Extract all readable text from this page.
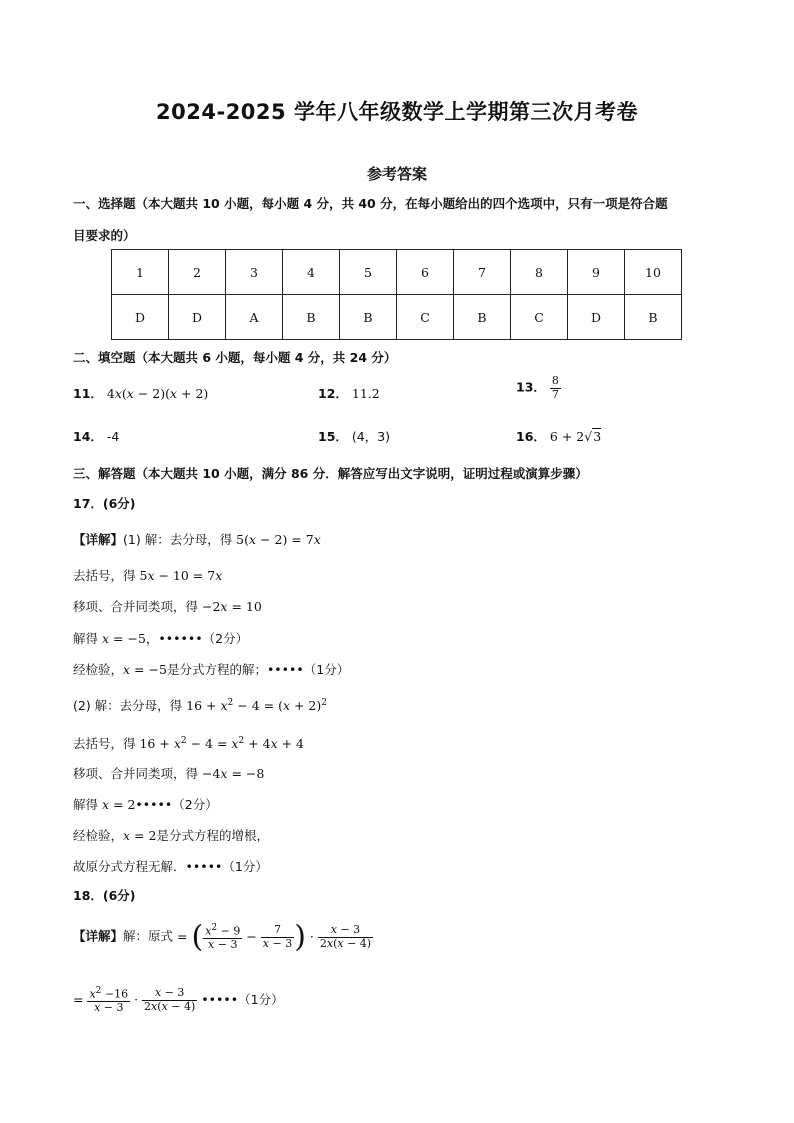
2024-2025 学年八年级数学上学期第三次月考卷
参考答案
一、选择题（本大题共 10 小题，每小题 4 分，共 40 分，在每小题给出的四个选项中，只有一项是符合题
目要求的）
1	2	3	4	5	6	7	8	9	10
D	D	A	B	B	C	B	C	D	B
二、填空题（本大题共 6 小题，每小题 4 分，共 24 分）
11． 4x(x − 2)(x + 2)	12． 11.2	13． $\frac{8}{7}$
14． -4	15． (4，3)	16． 6 + 2√3
三、解答题（本大题共 10 小题，满分 86 分．解答应写出文字说明，证明过程或演算步骤）
17．(6分)
【详解】(1) 解：去分母，得 5(x − 2) = 7x
去括号，得 5x − 10 = 7x
移项、合并同类项，得 −2x = 10
解得 x = −5，••••••（2分）
经检验，x = −5是分式方程的解；•••••（1分）
(2) 解：去分母，得 $16 + x^2 - 4 = (x + 2)^2$
去括号，得 $16 + x^2 - 4 = x^2 + 4x + 4$
移项、合并同类项，得 −4x = −8
解得 x = 2•••••（2分）
经检验，x = 2是分式方程的增根，
故原分式方程无解．•••••（1分）
18．(6分)
【详解】解：原式 = ( $\frac{x^2 - 9}{x - 3} - \frac{7}{x - 3}$ ) · $\frac{x - 3}{2x(x - 4)}$
= $\frac{x^2 -16}{x - 3} \cdot \frac{x - 3}{2x(x - 4)}$ •••••（1分）
